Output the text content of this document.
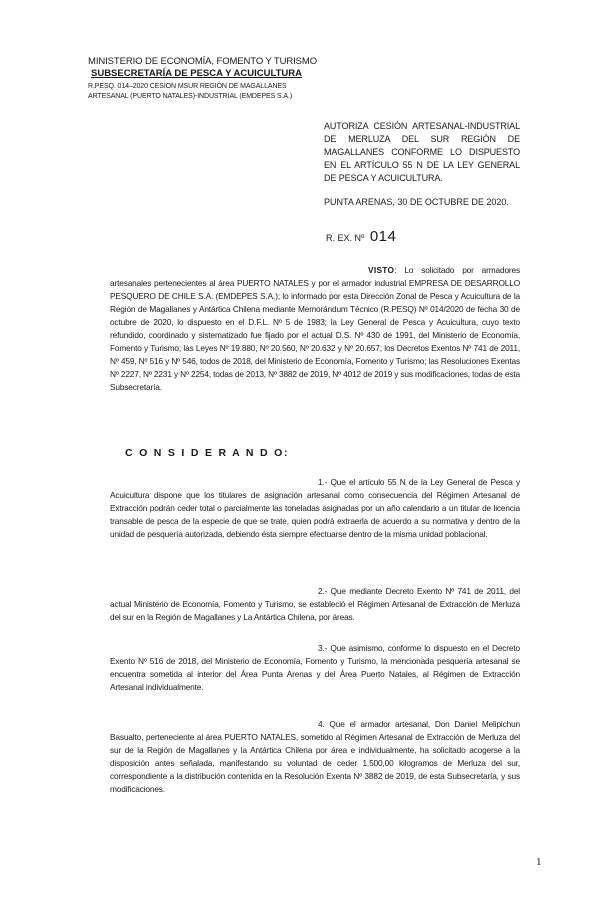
MINISTERIO DE ECONOMÍA, FOMENTO Y TURISMO
SUBSECRETARÍA DE PESCA Y ACUICULTURA
R.PESQ. 014–2020 CESION MSUR REGIÓN DE MAGALLANES
ARTESANAL (PUERTO NATALES)-INDUSTRIAL (EMDEPES S.A.)
AUTORIZA CESIÓN ARTESANAL-INDUSTRIAL DE MERLUZA DEL SUR REGIÓN DE MAGALLANES CONFORME LO DISPUESTO EN EL ARTÍCULO 55 N DE LA LEY GENERAL DE PESCA Y ACUICULTURA.
PUNTA ARENAS, 30 DE OCTUBRE DE 2020.
R. EX. Nº 014
VISTO: Lo solicitado por armadores artesanales pertenecientes al área PUERTO NATALES y por el armador industrial EMPRESA DE DESARROLLO PESQUERO DE CHILE S.A. (EMDEPES S.A.); lo informado por esta Dirección Zonal de Pesca y Acuicultura de la Región de Magallanes y Antártica Chilena mediante Memorándum Técnico (R.PESQ) Nº 014/2020 de fecha 30 de octubre de 2020, lo dispuesto en el D.F.L. Nº 5 de 1983; la Ley General de Pesca y Acuicultura, cuyo texto refundido, coordinado y sistematizado fue fijado por el actual D.S. Nº 430 de 1991, del Ministerio de Economía, Fomento y Turismo; las Leyes Nº 19.880, Nº 20.560, Nº 20.632 y Nº 20.657; los Decretos Exentos Nº 741 de 2011, Nº 459, Nº 516 y Nº 546, todos de 2018, del Ministerio de Economía, Fomento y Turismo; las Resoluciones Exentas Nº 2227, Nº 2231 y Nº 2254, todas de 2013, Nº 3882 de 2019, Nº 4012 de 2019 y sus modificaciones, todas de esta Subsecretaría.
C O N S I D E R A N D O:
1.- Que el artículo 55 N de la Ley General de Pesca y Acuicultura dispone que los titulares de asignación artesanal como consecuencia del Régimen Artesanal de Extracción podrán ceder total o parcialmente las toneladas asignadas por un año calendario a un titular de licencia transable de pesca de la especie de que se trate, quien podrá extraerla de acuerdo a su normativa y dentro de la unidad de pesquería autorizada, debiendo ésta siempre efectuarse dentro de la misma unidad poblacional.
2.- Que mediante Decreto Exento Nº 741 de 2011, del actual Ministerio de Economía, Fomento y Turismo, se estableció el Régimen Artesanal de Extracción de Merluza del sur en la Región de Magallanes y La Antártica Chilena, por áreas.
3.- Que asimismo, conforme lo dispuesto en el Decreto Exento Nº 516 de 2018, del Ministerio de Economía, Fomento y Turismo, la mencionada pesquería artesanal se encuentra sometida al interior del Área Punta Arenas y del Área Puerto Natales, al Régimen de Extracción Artesanal individualmente.
4. Que el armador artesanal, Don Daniel Melipichun Basualto, perteneciente al área PUERTO NATALES, sometido al Régimen Artesanal de Extracción de Merluza del sur de la Región de Magallanes y la Antártica Chilena por área e individualmente, ha solicitado acogerse a la disposición antes señalada, manifestando su voluntad de ceder 1.500,00 kilogramos de Merluza del sur, correspondiente a la distribución contenida en la Resolución Exenta Nº 3882 de 2019, de esta Subsecretaría, y sus modificaciones.
1
